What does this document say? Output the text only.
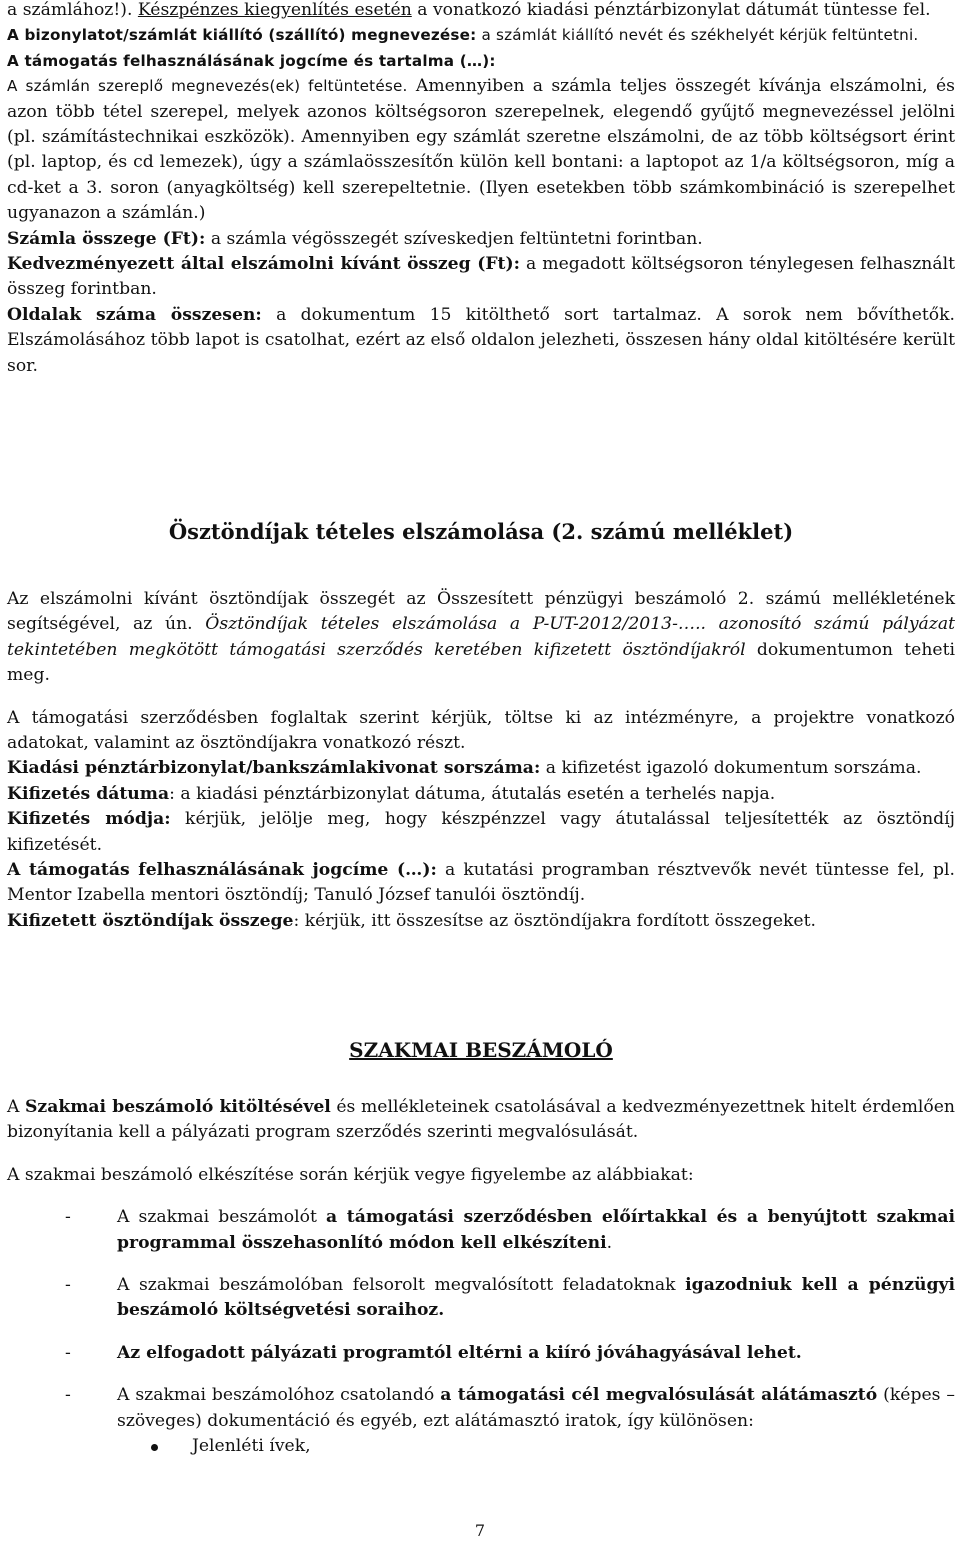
a számlához!). Készpénzes kiegyenlítés esetén a vonatkozó kiadási pénztárbizonylat dátumát tüntesse fel.

A bizonylatot/számlát kiállító (szállító) megnevezése: a számlát kiállító nevét és székhelyét kérjük feltüntetni.

A támogatás felhasználásának jogcíme és tartalma (…):
A számlán szereplő megnevezés(ek) feltüntetése. Amennyiben a számla teljes összegét kívánja elszámolni, és azon több tétel szerepel, melyek azonos költségsoron szerepelnek, elegendő gyűjtő megnevezéssel jelölni (pl. számítástechnikai eszközök). Amennyiben egy számlát szeretne elszámolni, de az több költségsort érint (pl. laptop, és cd lemezek), úgy a számlaösszesítőn külön kell bontani: a laptopot az 1/a költségsoron, míg a cd-ket a 3. soron (anyagköltség) kell szerepeltetnie. (Ilyen esetekben több számkombináció is szerepelhet ugyanazon a számlán.)

Számla összege (Ft): a számla végösszegét szíveskedjen feltüntetni forintban.

Kedvezményezett által elszámolni kívánt összeg (Ft): a megadott költségsoron ténylegesen felhasznált összeg forintban.

Oldalak száma összesen: a dokumentum 15 kitölthető sort tartalmaz. A sorok nem bővíthetők. Elszámolásához több lapot is csatolhat, ezért az első oldalon jelezheti, összesen hány oldal kitöltésére került sor.

Ösztöndíjak tételes elszámolása (2. számú melléklet)

Az elszámolni kívánt ösztöndíjak összegét az Összesített pénzügyi beszámoló 2. számú mellékletének segítségével, az ún. Ösztöndíjak tételes elszámolása a P-UT-2012/2013-….. azonosító számú pályázat tekintetében megkötött támogatási szerződés keretében kifizetett ösztöndíjakról dokumentumon teheti meg.

A támogatási szerződésben foglaltak szerint kérjük, töltse ki az intézményre, a projektre vonatkozó adatokat, valamint az ösztöndíjakra vonatkozó részt.

Kiadási pénztárbizonylat/bankszámlakivonat sorszáma: a kifizetést igazoló dokumentum sorszáma.

Kifizetés dátuma: a kiadási pénztárbizonylat dátuma, átutalás esetén a terhelés napja.

Kifizetés módja: kérjük, jelölje meg, hogy készpénzzel vagy átutalással teljesítették az ösztöndíj kifizetését.

A támogatás felhasználásának jogcíme (…): a kutatási programban résztvevők nevét tüntesse fel, pl. Mentor Izabella mentori ösztöndíj; Tanuló József tanulói ösztöndíj.

Kifizetett ösztöndíjak összege: kérjük, itt összesítse az ösztöndíjakra fordított összegeket.

SZAKMAI BESZÁMOLÓ

A Szakmai beszámoló kitöltésével és mellékleteinek csatolásával a kedvezményezettnek hitelt érdemlően bizonyítania kell a pályázati program szerződés szerinti megvalósulását.

A szakmai beszámoló elkészítése során kérjük vegye figyelembe az alábbiakat:

-	A szakmai beszámolót a támogatási szerződésben előírtakkal és a benyújtott szakmai programmal összehasonlító módon kell elkészíteni.
-	A szakmai beszámolóban felsorolt megvalósított feladatoknak igazodniuk kell a pénzügyi beszámoló költségvetési soraihoz.
-	Az elfogadott pályázati programtól eltérni a kiíró jóváhagyásával lehet.
-	A szakmai beszámolóhoz csatolandó a támogatási cél megvalósulását alátámasztó (képes – szöveges) dokumentáció és egyéb, ezt alátámasztó iratok, így különösen:
Jelenléti ívek,
7
